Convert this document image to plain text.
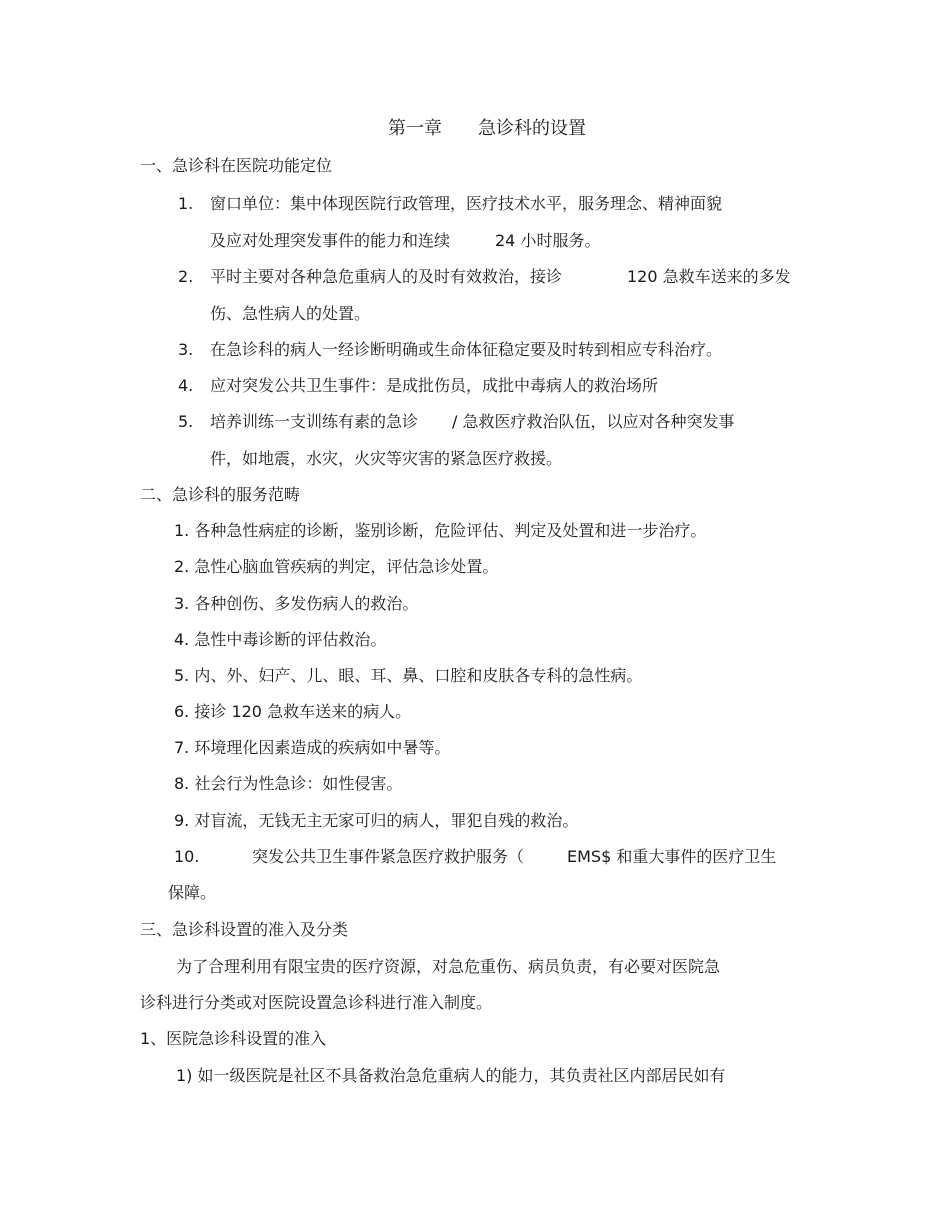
第一章 急诊科的设置
一、急诊科在医院功能定位
1. 窗口单位：集中体现医院行政管理，医疗技术水平，服务理念、精神面貌
及应对处理突发事件的能力和连续	24 小时服务。
2. 平时主要对各种急危重病人的及时有效救治，接诊	120 急救车送来的多发
伤、急性病人的处置。
3. 在急诊科的病人一经诊断明确或生命体征稳定要及时转到相应专科治疗。
4. 应对突发公共卫生事件：是成批伤员，成批中毒病人的救治场所
5. 培养训练一支训练有素的急诊 / 急救医疗救治队伍，以应对各种突发事
件，如地震，水灾，火灾等灾害的紧急医疗救援。
二、急诊科的服务范畴
1. 各种急性病症的诊断，鉴别诊断，危险评估、判定及处置和进一步治疗。
2. 急性心脑血管疾病的判定，评估急诊处置。
3. 各种创伤、多发伤病人的救治。
4. 急性中毒诊断的评估救治。
5. 内、外、妇产、儿、眼、耳、鼻、口腔和皮肤各专科的急性病。
6. 接诊 120 急救车送来的病人。
7. 环境理化因素造成的疾病如中暑等。
8. 社会行为性急诊：如性侵害。
9. 对盲流，无钱无主无家可归的病人，罪犯自残的救治。
10.	突发公共卫生事件紧急医疗救护服务（	EMS$ 和重大事件的医疗卫生
保障。
三、急诊科设置的准入及分类
为了合理利用有限宝贵的医疗资源，对急危重伤、病员负责，有必要对医院急
诊科进行分类或对医院设置急诊科进行准入制度。
1、医院急诊科设置的准入
1) 如一级医院是社区不具备救治急危重病人的能力，其负责社区内部居民如有
